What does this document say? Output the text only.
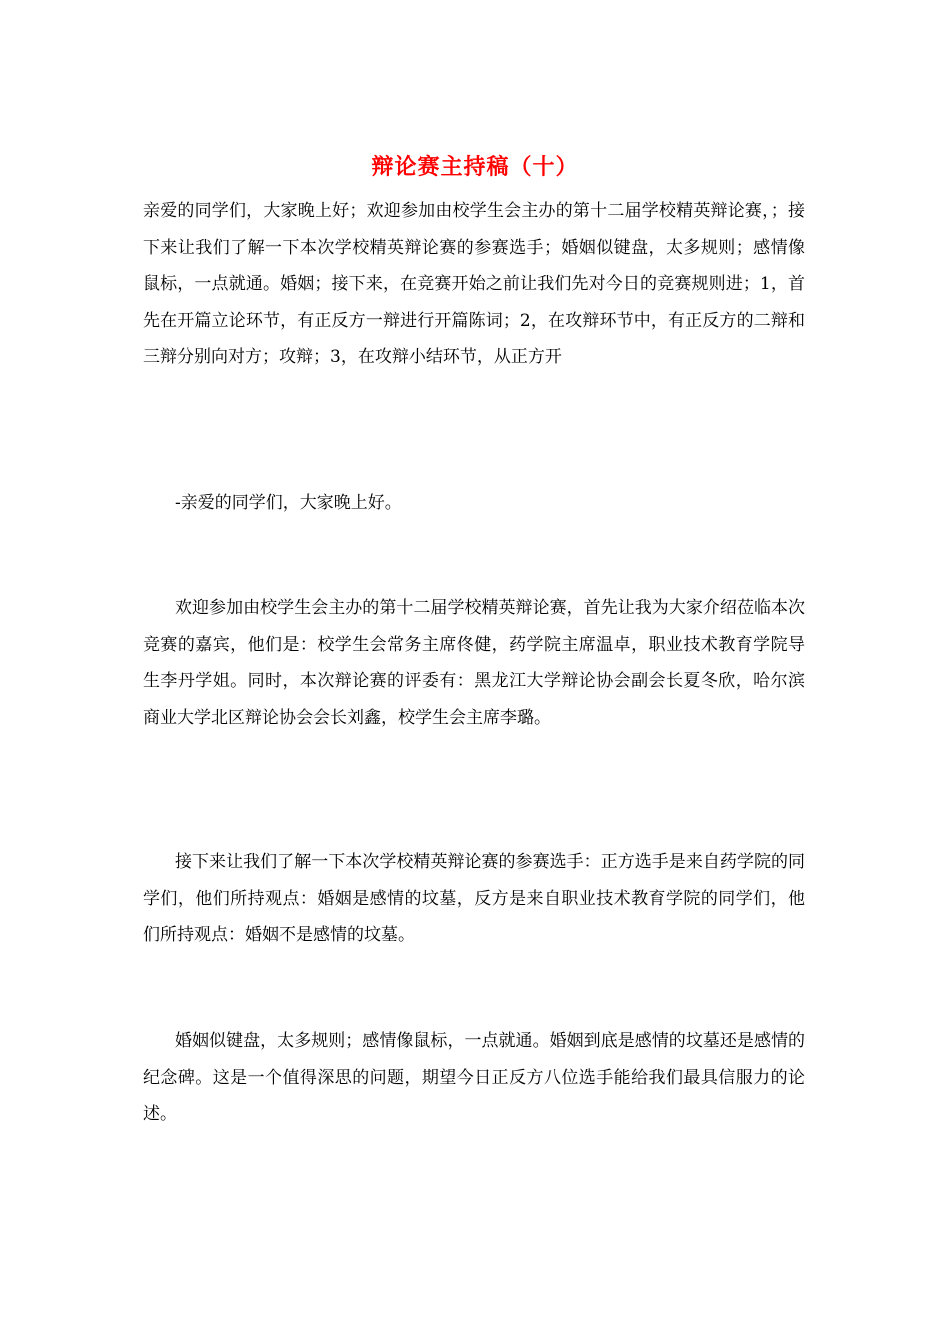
辩论赛主持稿（十）

亲爱的同学们，大家晚上好；欢迎参加由校学生会主办的第十二届学校精英辩论赛，；接下来让我们了解一下本次学校精英辩论赛的参赛选手；婚姻似键盘，太多规则；感情像鼠标，一点就通。婚姻；接下来，在竞赛开始之前让我们先对今日的竞赛规则进；1，首先在开篇立论环节，有正反方一辩进行开篇陈词；2，在攻辩环节中，有正反方的二辩和三辩分别向对方；攻辩；3，在攻辩小结环节，从正方开

-亲爱的同学们，大家晚上好。

欢迎参加由校学生会主办的第十二届学校精英辩论赛，首先让我为大家介绍莅临本次竞赛的嘉宾，他们是：校学生会常务主席佟健，药学院主席温卓，职业技术教育学院导生李丹学姐。同时，本次辩论赛的评委有：黑龙江大学辩论协会副会长夏冬欣，哈尔滨商业大学北区辩论协会会长刘鑫，校学生会主席李璐。

接下来让我们了解一下本次学校精英辩论赛的参赛选手：正方选手是来自药学院的同学们，他们所持观点：婚姻是感情的坟墓，反方是来自职业技术教育学院的同学们，他们所持观点：婚姻不是感情的坟墓。

婚姻似键盘，太多规则；感情像鼠标，一点就通。婚姻到底是感情的坟墓还是感情的纪念碑。这是一个值得深思的问题，期望今日正反方八位选手能给我们最具信服力的论述。
